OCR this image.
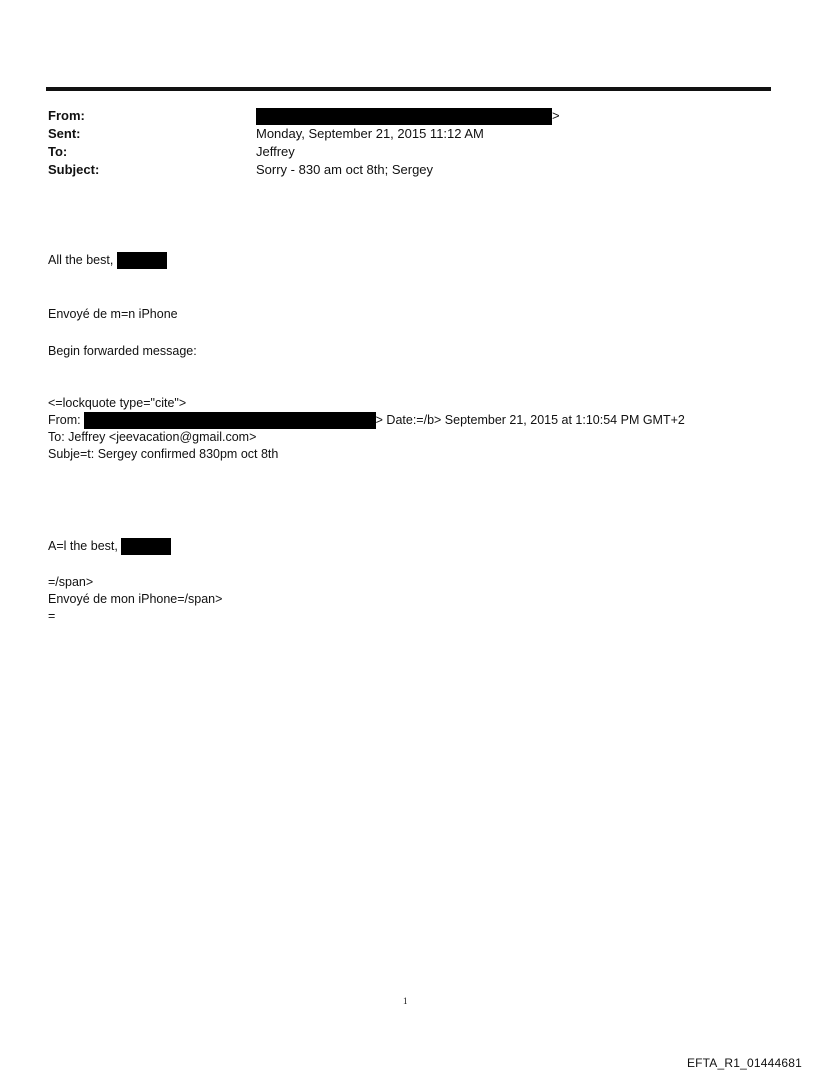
From:	>
Sent:	Monday, September 21, 2015 11:12 AM
To:	Jeffrey
Subject:	Sorry - 830 am oct 8th; Sergey
All the best,
Envoyé de m=n iPhone
Begin forwarded message:
<=lockquote type="cite">
From:	> Date:=/b> September 21, 2015 at 1:10:54 PM GMT+2
To: Jeffrey <jeevacation@gmail.com>
Subje=t: Sergey confirmed 830pm oct 8th
A=l the best,
=/span>
Envoyé de mon iPhone=/span>
=
1
EFTA_R1_01444681
